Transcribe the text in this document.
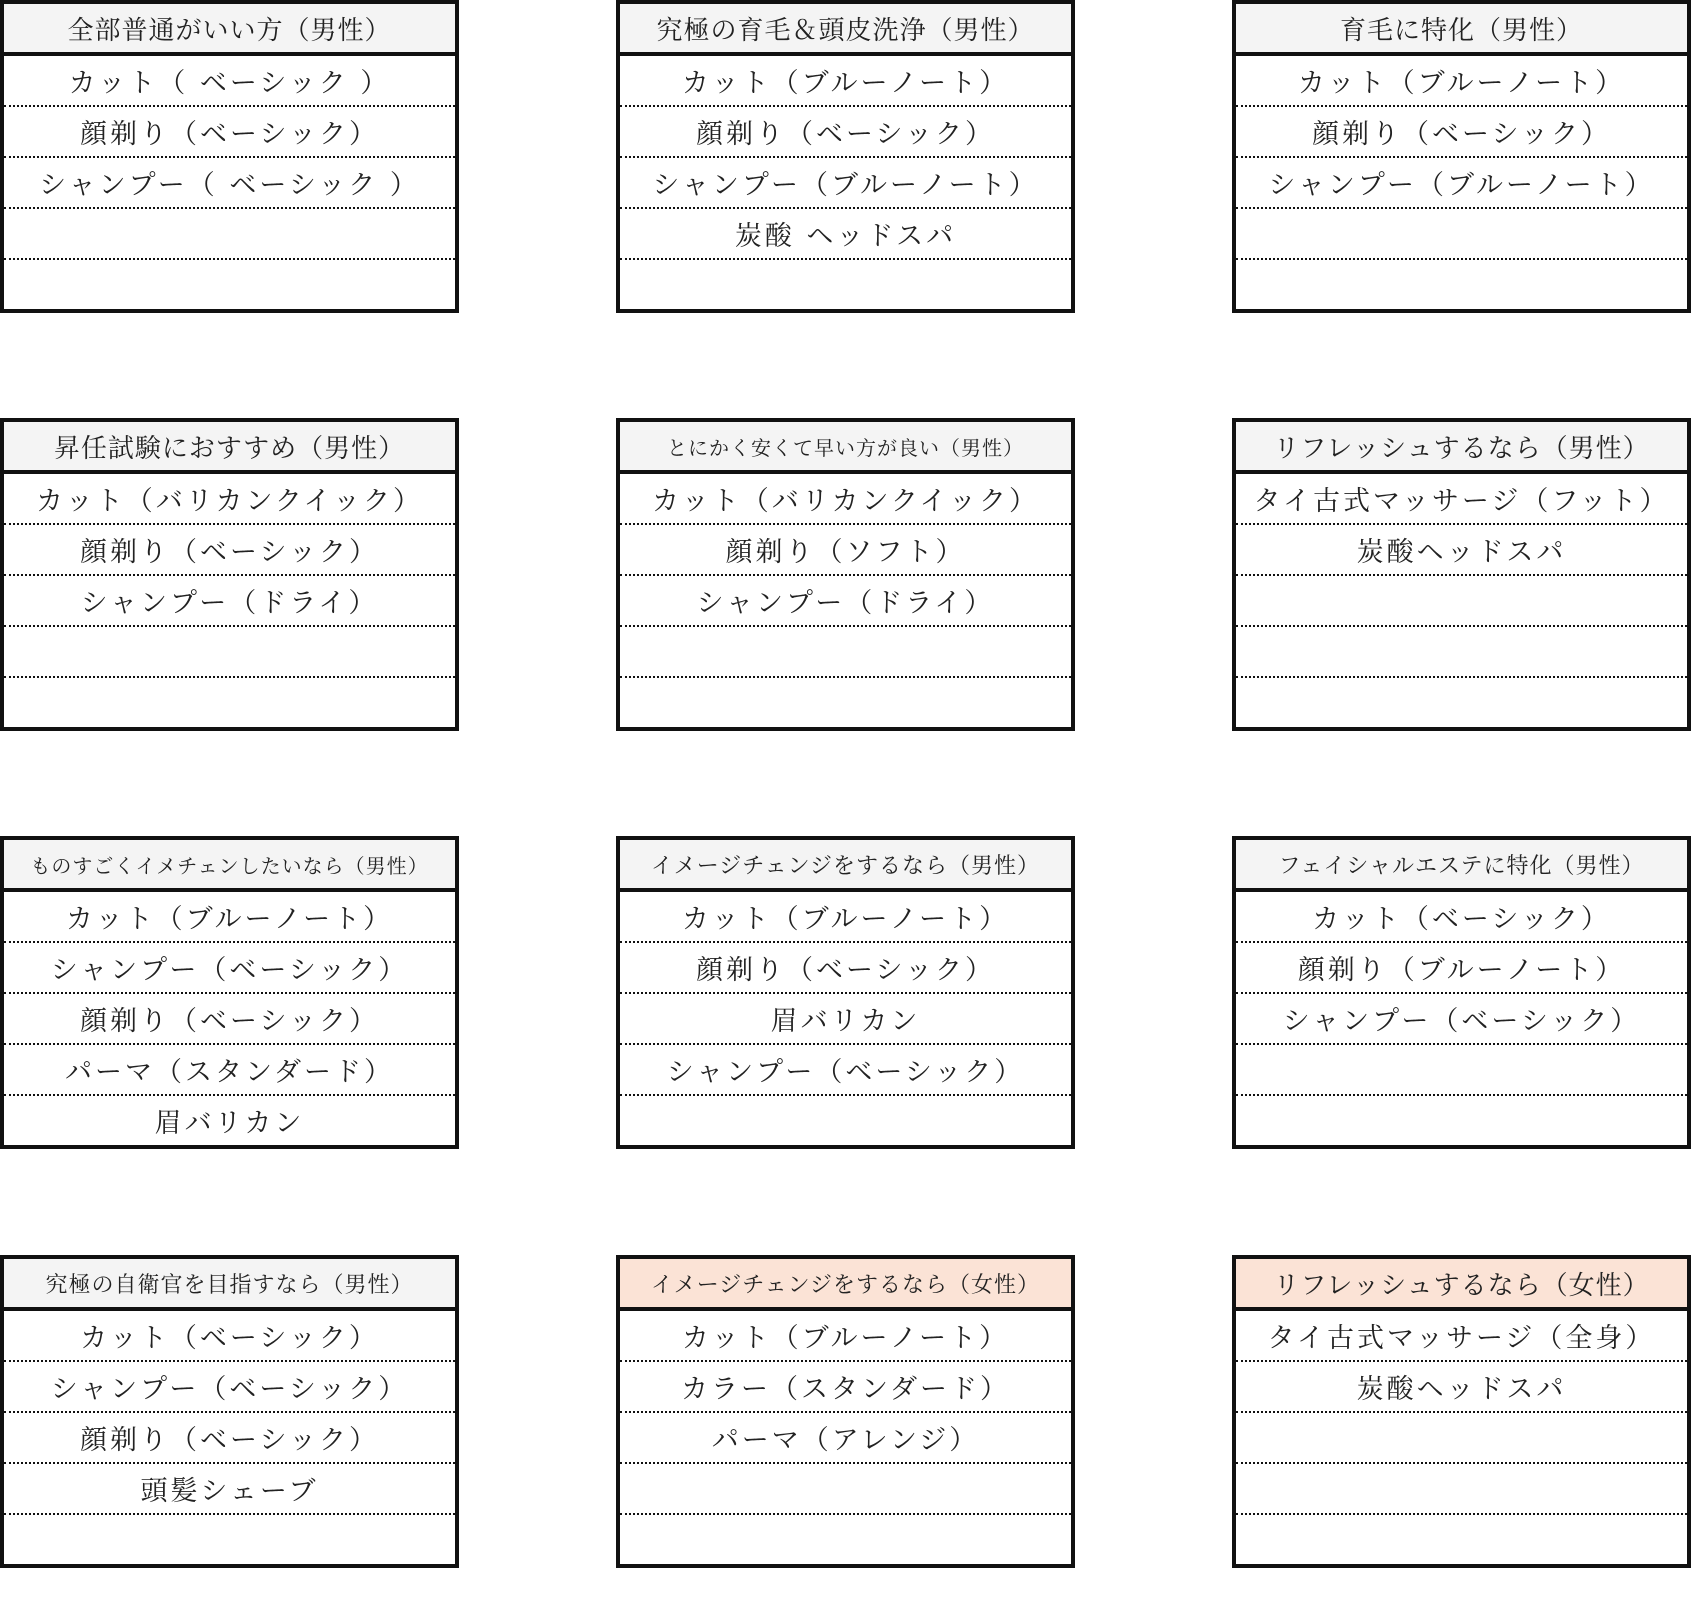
全部普通がいい方（男性）
カット（ ベーシック ）
顔剃り（ベーシック）
シャンプー（ ベーシック ）
究極の育毛＆頭皮洗浄（男性）
カット（ブルーノート）
顔剃り（ベーシック）
シャンプー（ブルーノート）
炭酸 ヘッドスパ
育毛に特化（男性）
カット（ブルーノート）
顔剃り（ベーシック）
シャンプー（ブルーノート）
昇任試験におすすめ（男性）
カット（バリカンクイック）
顔剃り（ベーシック）
シャンプー（ドライ）
とにかく安くて早い方が良い（男性）
カット（バリカンクイック）
顔剃り（ソフト）
シャンプー（ドライ）
リフレッシュするなら（男性）
タイ古式マッサージ（フット）
炭酸ヘッドスパ
ものすごくイメチェンしたいなら（男性）
カット（ブルーノート）
シャンプー（ベーシック）
顔剃り（ベーシック）
パーマ（スタンダード）
眉バリカン
イメージチェンジをするなら（男性）
カット（ブルーノート）
顔剃り（ベーシック）
眉バリカン
シャンプー（ベーシック）
フェイシャルエステに特化（男性）
カット（ベーシック）
顔剃り（ブルーノート）
シャンプー（ベーシック）
究極の自衛官を目指すなら（男性）
カット（ベーシック）
シャンプー（ベーシック）
顔剃り（ベーシック）
頭髪シェーブ
イメージチェンジをするなら（女性）
カット（ブルーノート）
カラー（スタンダード）
パーマ（アレンジ）
リフレッシュするなら（女性）
タイ古式マッサージ（全身）
炭酸ヘッドスパ
